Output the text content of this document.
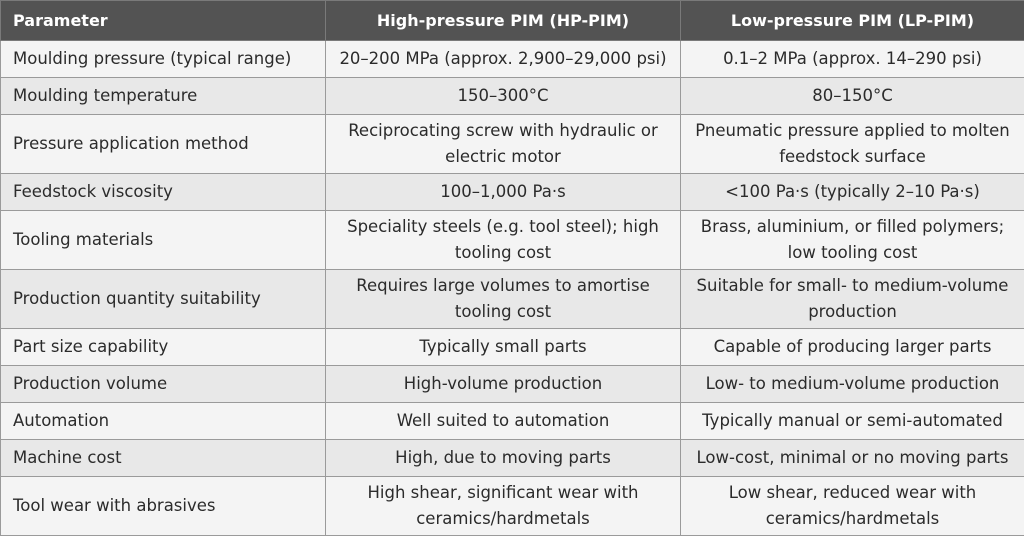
Parameter	High-pressure PIM (HP-PIM)	Low-pressure PIM (LP-PIM)
Moulding pressure (typical range)	20–200 MPa (approx. 2,900–29,000 psi)	0.1–2 MPa (approx. 14–290 psi)
Moulding temperature	150–300°C	80–150°C
Pressure application method	Reciprocating screw with hydraulic or electric motor	Pneumatic pressure applied to molten feedstock surface
Feedstock viscosity	100–1,000 Pa·s	<100 Pa·s (typically 2–10 Pa·s)
Tooling materials	Speciality steels (e.g. tool steel); high tooling cost	Brass, aluminium, or filled polymers; low tooling cost
Production quantity suitability	Requires large volumes to amortise tooling cost	Suitable for small- to medium-volume production
Part size capability	Typically small parts	Capable of producing larger parts
Production volume	High-volume production	Low- to medium-volume production
Automation	Well suited to automation	Typically manual or semi-automated
Machine cost	High, due to moving parts	Low-cost, minimal or no moving parts
Tool wear with abrasives	High shear, significant wear with ceramics/hardmetals	Low shear, reduced wear with ceramics/hardmetals
